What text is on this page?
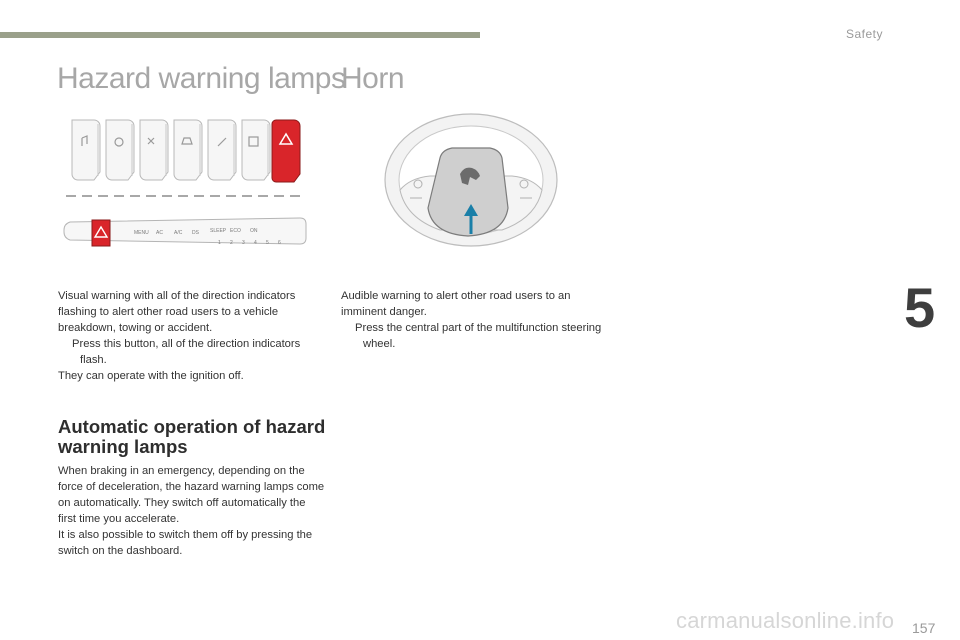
Safety
Hazard warning lamps
Horn
MENU AC A/C DS SLEEP ECO ON
1 2 3 4 5 6

Visual warning with all of the direction indicators flashing to alert other road users to a vehicle breakdown, towing or accident.

Press this button, all of the direction indicators flash.

They can operate with the ignition off.

Automatic operation of hazard warning lamps

When braking in an emergency, depending on the force of deceleration, the hazard warning lamps come on automatically. They switch off automatically the first time you accelerate.

It is also possible to switch them off by pressing the switch on the dashboard.

Audible warning to alert other road users to an imminent danger.

Press the central part of the multifunction steering wheel.

5
carmanualsonline.info 157
